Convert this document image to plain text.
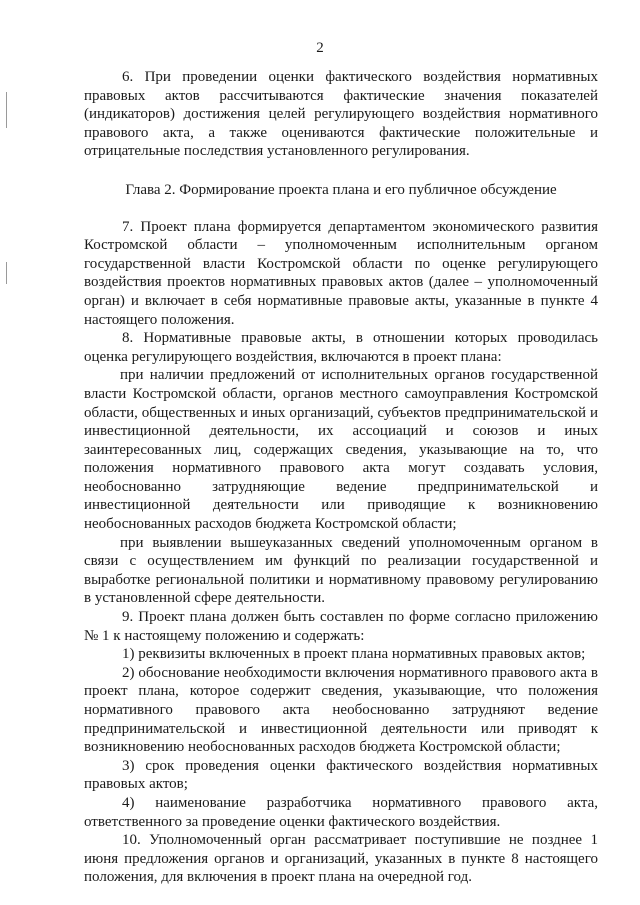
2

6. При проведении оценки фактического воздействия нормативных правовых актов рассчитываются фактические значения показателей (индикаторов) достижения целей регулирующего воздействия нормативного правового акта, а также оцениваются фактические положительные и отрицательные последствия установленного регулирования.

Глава 2. Формирование проекта плана и его публичное обсуждение

7. Проект плана формируется департаментом экономического развития Костромской области – уполномоченным исполнительным органом государственной власти Костромской области по оценке регулирующего воздействия проектов нормативных правовых актов (далее – уполномоченный орган) и включает в себя нормативные правовые акты, указанные в пункте 4 настоящего положения.

8. Нормативные правовые акты, в отношении которых проводилась оценка регулирующего воздействия, включаются в проект плана:

при наличии предложений от исполнительных органов государственной власти Костромской области, органов местного самоуправления Костромской области, общественных и иных организаций, субъектов предпринимательской и инвестиционной деятельности, их ассоциаций и союзов и иных заинтересованных лиц, содержащих сведения, указывающие на то, что положения нормативного правового акта могут создавать условия, необоснованно затрудняющие ведение предпринимательской и инвестиционной деятельности или приводящие к возникновению необоснованных расходов бюджета Костромской области;

при выявлении вышеуказанных сведений уполномоченным органом в связи с осуществлением им функций по реализации государственной и выработке региональной политики и нормативному правовому регулированию в установленной сфере деятельности.

9. Проект плана должен быть составлен по форме согласно приложению № 1 к настоящему положению и содержать:

1) реквизиты включенных в проект плана нормативных правовых актов;

2) обоснование необходимости включения нормативного правового акта в проект плана, которое содержит сведения, указывающие, что положения нормативного правового акта необоснованно затрудняют ведение предпринимательской и инвестиционной деятельности или приводят к возникновению необоснованных расходов бюджета Костромской области;

3) срок проведения оценки фактического воздействия нормативных правовых актов;

4) наименование разработчика нормативного правового акта, ответственного за проведение оценки фактического воздействия.

10. Уполномоченный орган рассматривает поступившие не позднее 1 июня предложения органов и организаций, указанных в пункте 8 настоящего положения, для включения в проект плана на очередной год.
